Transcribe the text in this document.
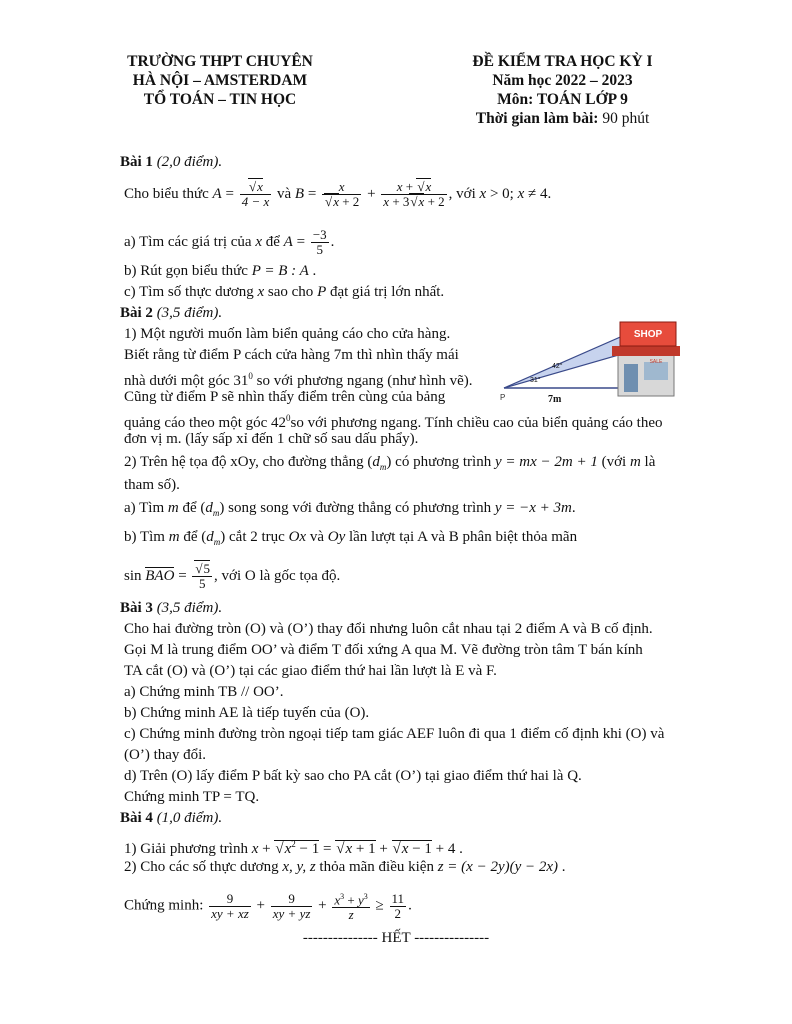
TRƯỜNG THPT CHUYÊN
HÀ NỘI – AMSTERDAM
TỔ TOÁN – TIN HỌC
ĐỀ KIỂM TRA HỌC KỲ I
Năm học 2022 – 2023
Môn: TOÁN LỚP 9
Thời gian làm bài: 90 phút
Bài 1 (2,0 điểm).
Cho biểu thức A = √ $\frac{x}{4 - x}$ và B = x
√ $x + 2 + \frac{x + √ x}{x + 3 √ x + 2}$ , với x > 0; x ≠ 4.
a) Tìm các giá trị của x để $A = \frac{-3}{5}$ .
b) Rút gọn biểu thức P = B : A .
c) Tìm số thực dương x sao cho P đạt giá trị lớn nhất.
Bài 2 (3,5 điểm).
1) Một người muốn làm biển quảng cáo cho cửa hàng.
Biết rằng từ điểm P cách cửa hàng 7m thì nhìn thấy mái
nhà dưới một góc $31^0$ so với phương ngang (như hình vẽ).
Cũng từ điểm P sẽ nhìn thấy điểm trên cùng của bảng
quảng cáo theo một góc $42^0so$ với phương ngang. Tính chiều cao của biển quảng cáo theo
đơn vị m. (lấy sấp xỉ đến 1 chữ số sau dấu phẩy).
SHOP
SALE
31°
42°
P	7m
2) Trên hệ tọa độ xOy, cho đường thẳng $(d_m)$ có phương trình y = mx − 2m + 1 (với m là
tham số).
a) Tìm m để $(d_m)$ song song với đường thẳng có phương trình y = −x + 3m.
b) Tìm m để $(d_m)$ cắt 2 trục Ox và Oy lần lượt tại A và B phân biệt thỏa mãn
sin BAO = √ $\frac{5}{5}$ , với O là gốc tọa độ.
Bài 3 (3,5 điểm).
Cho hai đường tròn (O) và (O’) thay đổi nhưng luôn cắt nhau tại 2 điểm A và B cố định.
Gọi M là trung điểm OO’ và điểm T đối xứng A qua M. Vẽ đường tròn tâm T bán kính
TA cắt (O) và (O’) tại các giao điểm thứ hai lần lượt là E và F.
a) Chứng minh TB // OO’.
b) Chứng minh AE là tiếp tuyến của (O).
c) Chứng minh đường tròn ngoại tiếp tam giác AEF luôn đi qua 1 điểm cố định khi (O) và
(O’) thay đổi.
d) Trên (O) lấy điểm P bất kỳ sao cho PA cắt (O’) tại giao điểm thứ hai là Q.
Chứng minh TP = TQ.
Bài 4 (1,0 điểm).
1) Giải phương trình x + √ $x^2 - 1$ = √ x + 1 + √ x − 1 + 4 .
2) Cho các số thực dương x, y, z thỏa mãn điều kiện z = (x − 2y)(y − 2x) .
Chứng minh: $\frac{9}{xy + xz} + \frac{9}{xy + yz} + \frac{x^3 + y^3}{z} \ge \frac{11}{2}$ .
--------------- HẾT ---------------
